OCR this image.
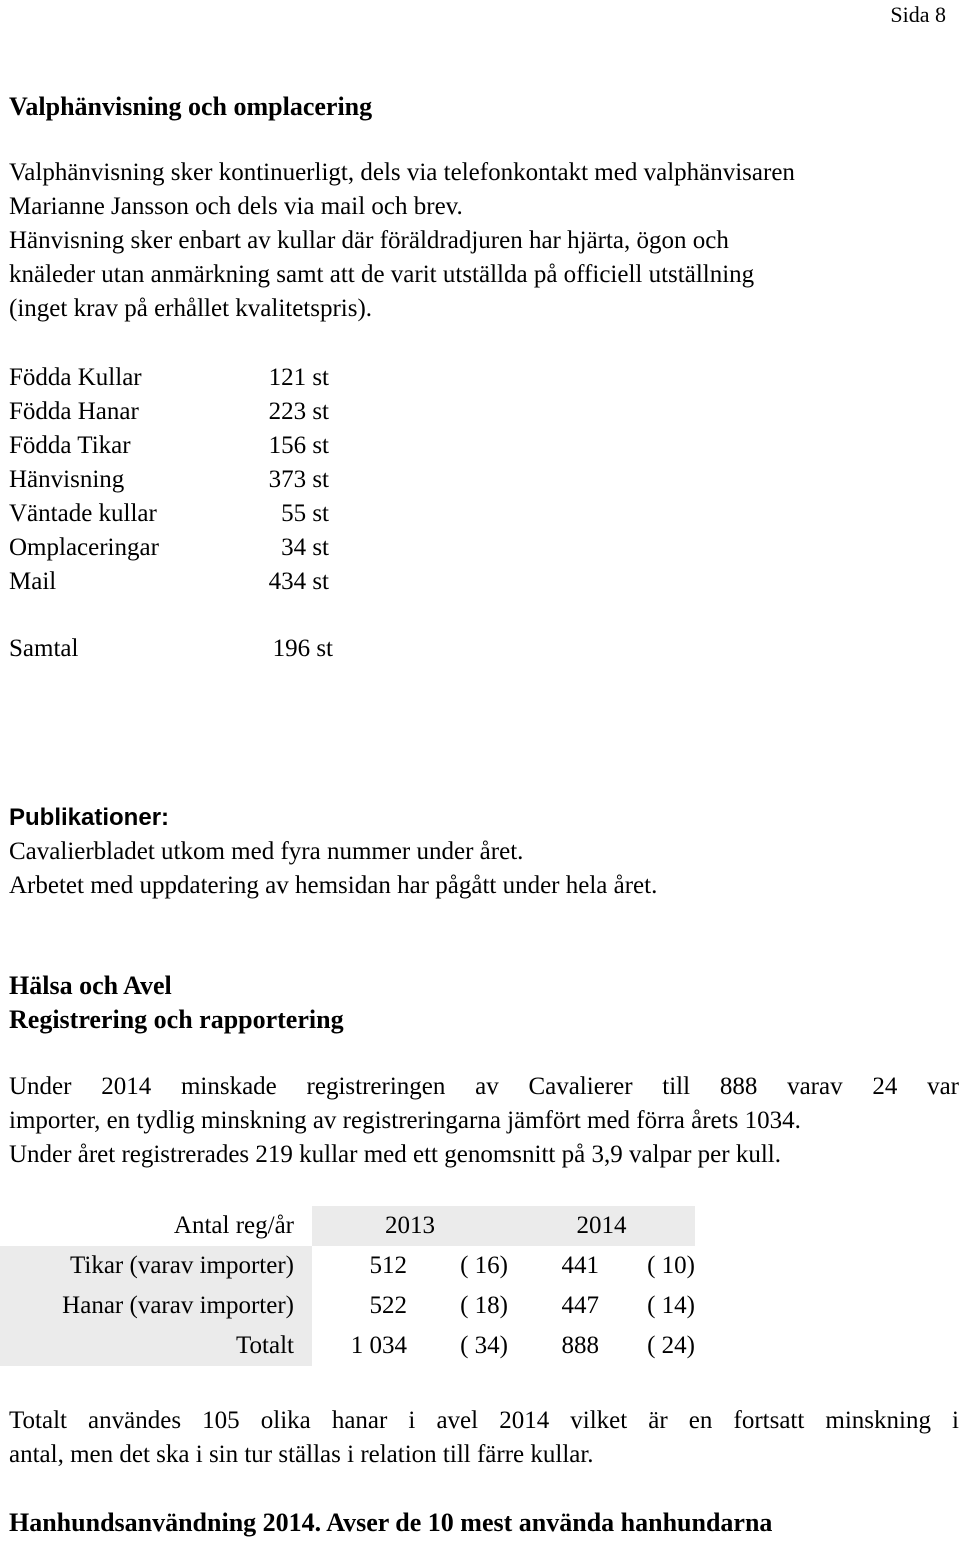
Sida 8
Valphänvisning och omplacering
Valphänvisning sker kontinuerligt, dels via telefonkontakt med valphänvisaren
Marianne Jansson och dels via mail och brev.
Hänvisning sker enbart av kullar där föräldradjuren har hjärta, ögon och
knäleder utan anmärkning samt att de varit utställda på officiell utställning
(inget krav på erhållet kvalitetspris).
Födda Kullar	121 st
Födda Hanar	223 st
Födda Tikar	156 st
Hänvisning	373 st
Väntade kullar	55 st
Omplaceringar	34 st
Mail	434 st
Samtal	196 st
Publikationer:
Cavalierbladet utkom med fyra nummer under året.
Arbetet med uppdatering av hemsidan har pågått under hela året.
Hälsa och Avel
Registrering och rapportering
Under 2014 minskade registreringen av Cavalierer till 888 varav 24 var
importer, en tydlig minskning av registreringarna jämfört med förra årets 1034.
Under året registrerades 219 kullar med ett genomsnitt på 3,9 valpar per kull.
Antal reg/år	2013		2014	
Tikar (varav importer)	512	( 16)	441	( 10)
Hanar (varav importer)	522	( 18)	447	( 14)
Totalt	1 034	( 34)	888	( 24)
Totalt användes 105 olika hanar i avel 2014 vilket är en fortsatt minskning i
antal, men det ska i sin tur ställas i relation till färre kullar.
Hanhundsanvändning 2014. Avser de 10 mest använda hanhundarna
